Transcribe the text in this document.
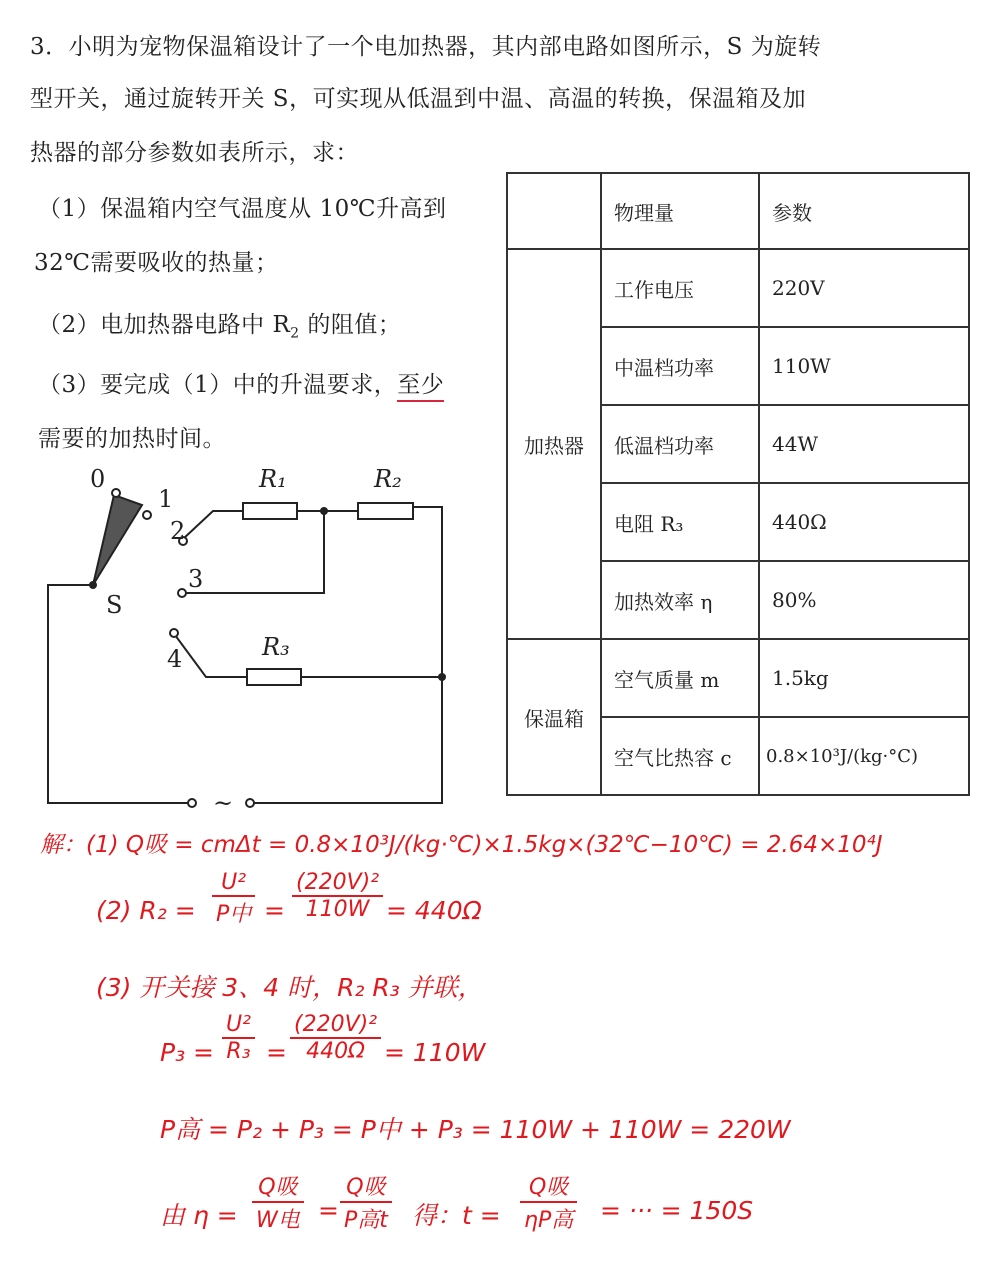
3．小明为宠物保温箱设计了一个电加热器，其内部电路如图所示，S 为旋转
型开关，通过旋转开关 S，可实现从低温到中温、高温的转换，保温箱及加
热器的部分参数如表所示，求：
（1）保温箱内空气温度从 10℃升高到
32℃需要吸收的热量；
（2）电加热器电路中 $R_2$ 的阻值；
（3）要完成（1）中的升温要求，至少
需要的加热时间。
	物理量	参数
加热器	工作电压	220V
	中温档功率	110W
	低温档功率	44W
	电阻 R₃	440Ω
	加热效率 η	80%
保温箱	空气质量 m	1.5kg
	空气比热容 c	0.8×10³J/(kg·°C)
0
1
2
3
4
S
R₁	R₂
R₃
~
解：(1) Q吸 = cmΔt = 0.8×10³J/(kg·℃)×1.5kg×(32℃−10℃) = 2.64×10⁴J
(2) R₂ =
U²
P中 =
(220V)²
110W = 440Ω
(3) 开关接 3、4 时，R₂ R₃ 并联，
P₃ =
U²
R₃ =
(220V)²
440Ω = 110W
P高 = P₂ + P₃ = P中 + P₃ = 110W + 110W = 220W
由 η =
Q吸
W电 =
Q吸
P高t 得：t =
Q吸
ηP高 = ··· = 150S
